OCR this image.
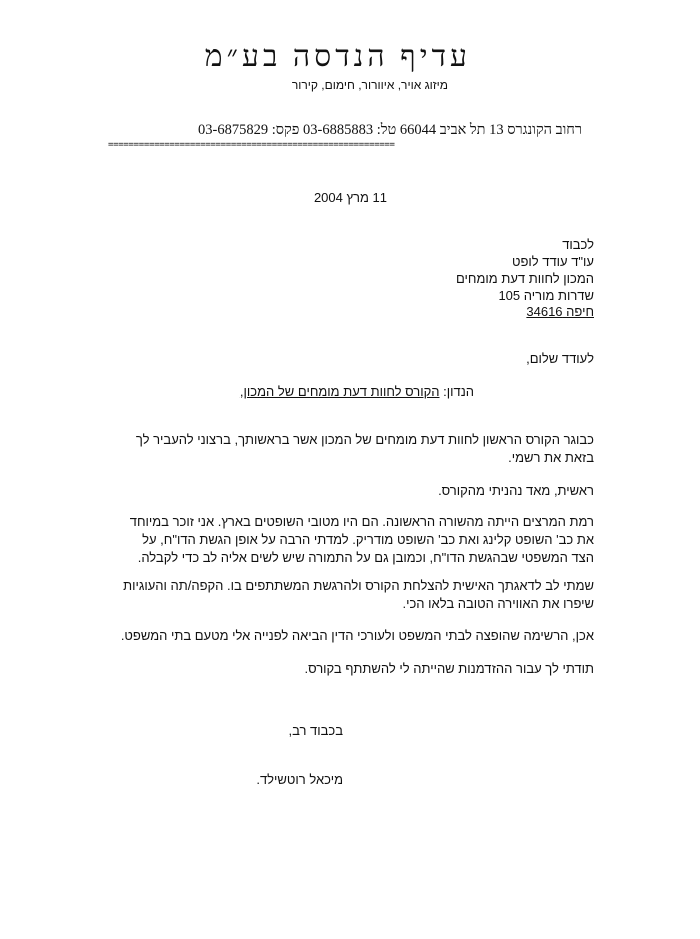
עדיף הנדסה בע״מ
מיזוג אויר, איוורור, חימום, קירור
רחוב הקונגרס 13 תל אביב 66044 טל: 03-6885883 פקס: 03-6875829
========================================================
11 מרץ 2004
לכבוד
עו"ד עודד לופט
המכון לחוות דעת מומחים
שדרות מוריה 105
חיפה 34616
לעודד שלום,
הנדון: הקורס לחוות דעת מומחים של המכון,
כבוגר הקורס הראשון לחוות דעת מומחים של המכון אשר בראשותך, ברצוני להעביר לך בזאת את רשמי.
ראשית, מאד נהניתי מהקורס.
רמת המרצים הייתה מהשורה הראשונה. הם היו מטובי השופטים בארץ. אני זוכר במיוחד את כב' השופט קלינג ואת כב' השופט מודריק. למדתי הרבה על אופן הגשת הדו"ח, על הצד המשפטי שבהגשת הדו"ח, וכמובן גם על התמורה שיש לשים אליה לב כדי לקבלה.
שמתי לב לדאגתך האישית להצלחת הקורס ולהרגשת המשתתפים בו. הקפה/תה והעוגיות שיפרו את האווירה הטובה בלאו הכי.
אכן, הרשימה שהופצה לבתי המשפט ולעורכי הדין הביאה לפנייה אלי מטעם בתי המשפט.
תודתי לך עבור ההזדמנות שהייתה לי להשתתף בקורס.
בכבוד רב,
מיכאל רוטשילד.
